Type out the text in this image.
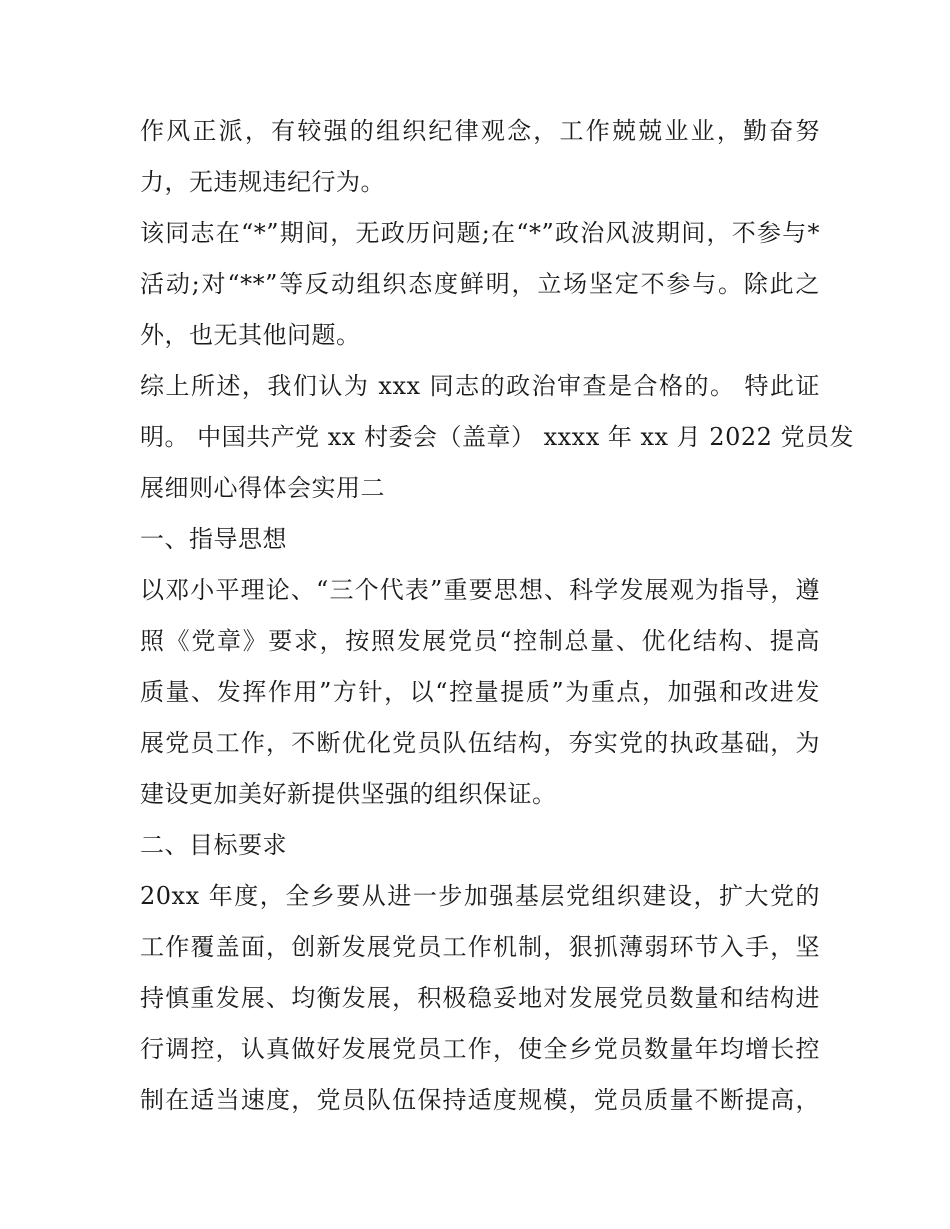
作风正派，有较强的组织纪律观念，工作兢兢业业，勤奋努
力，无违规违纪行为。
该同志在“*”期间，无政历问题;在“*”政治风波期间，不参与*
活动;对“**”等反动组织态度鲜明，立场坚定不参与。除此之
外，也无其他问题。
综上所述，我们认为 xxx 同志的政治审查是合格的。 特此证
明。 中国共产党 xx 村委会（盖章） xxxx 年 xx 月 2022 党员发
展细则心得体会实用二
一、指导思想
以邓小平理论、“三个代表”重要思想、科学发展观为指导，遵
照《党章》要求，按照发展党员“控制总量、优化结构、提高
质量、发挥作用”方针，以“控量提质”为重点，加强和改进发
展党员工作，不断优化党员队伍结构，夯实党的执政基础，为
建设更加美好新提供坚强的组织保证。
二、目标要求
20xx 年度，全乡要从进一步加强基层党组织建设，扩大党的
工作覆盖面，创新发展党员工作机制，狠抓薄弱环节入手，坚
持慎重发展、均衡发展，积极稳妥地对发展党员数量和结构进
行调控，认真做好发展党员工作，使全乡党员数量年均增长控
制在适当速度，党员队伍保持适度规模，党员质量不断提高，
